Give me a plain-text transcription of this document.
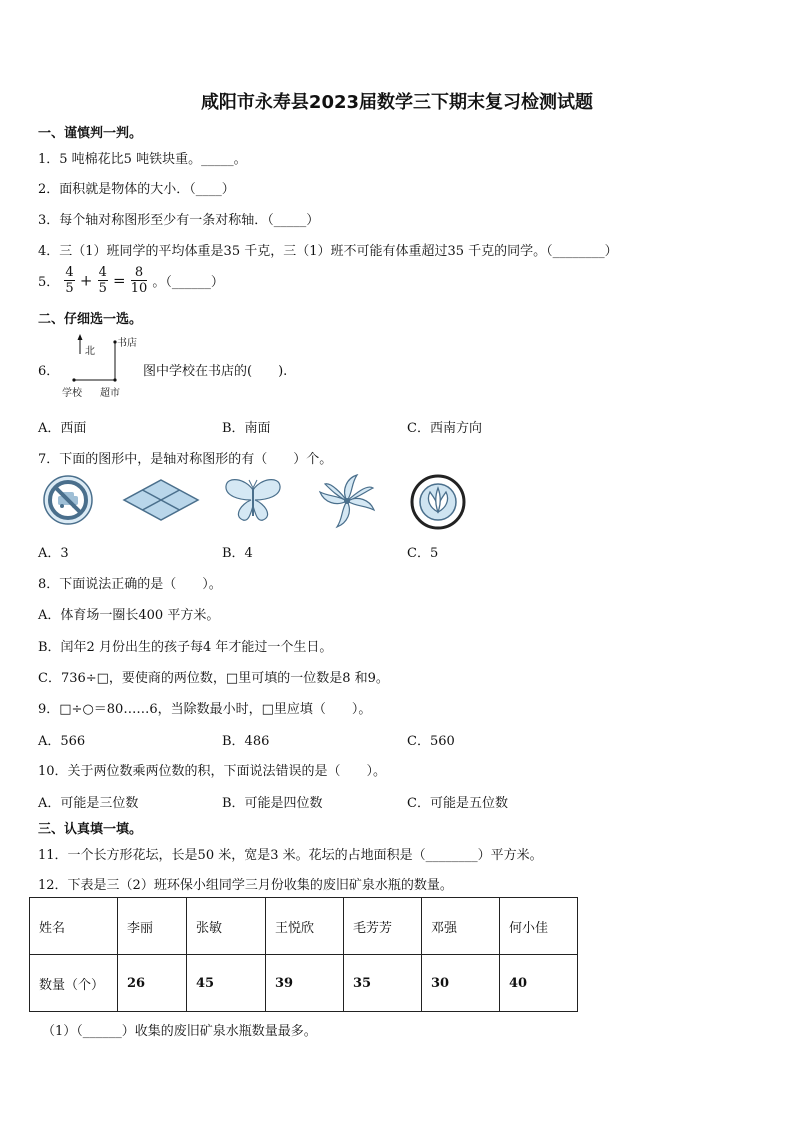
咸阳市永寿县2023届数学三下期末复习检测试题
一、谨慎判一判。
1．5 吨棉花比5 吨铁块重。_____。
2．面积就是物体的大小．（____）
3．每个轴对称图形至少有一条对称轴．（_____）
4．三（1）班同学的平均体重是35 千克，三（1）班不可能有体重超过35 千克的同学。（________）
5． $\frac{4}{5} + \frac{4}{5} = \frac{8}{10}$ 。（______）
二、仔细选一选。
6．
北
书店
学校 超市
图中学校在书店的(　　).
A．西面	B．南面	C．西南方向
7．下面的图形中，是轴对称图形的有（　　）个。
A．3	B．4	C．5
8．下面说法正确的是（　　）。
A．体育场一圈长400 平方米。
B．闰年2 月份出生的孩子每4 年才能过一个生日。
C．736÷□，要使商的两位数，□里可填的一位数是8 和9。
9．□÷○＝80……6，当除数最小时，□里应填（　　）。
A．566	B．486	C．560
10．关于两位数乘两位数的积，下面说法错误的是（　　）。
A．可能是三位数	B．可能是四位数	C．可能是五位数
三、认真填一填。
11．一个长方形花坛，长是50 米，宽是3 米。花坛的占地面积是（________）平方米。
12．下表是三（2）班环保小组同学三月份收集的废旧矿泉水瓶的数量。
姓名	李丽	张敏	王悦欣	毛芳芳	邓强	何小佳
数量（个）	26	45	39	35	30	40
（1）（______）收集的废旧矿泉水瓶数量最多。
